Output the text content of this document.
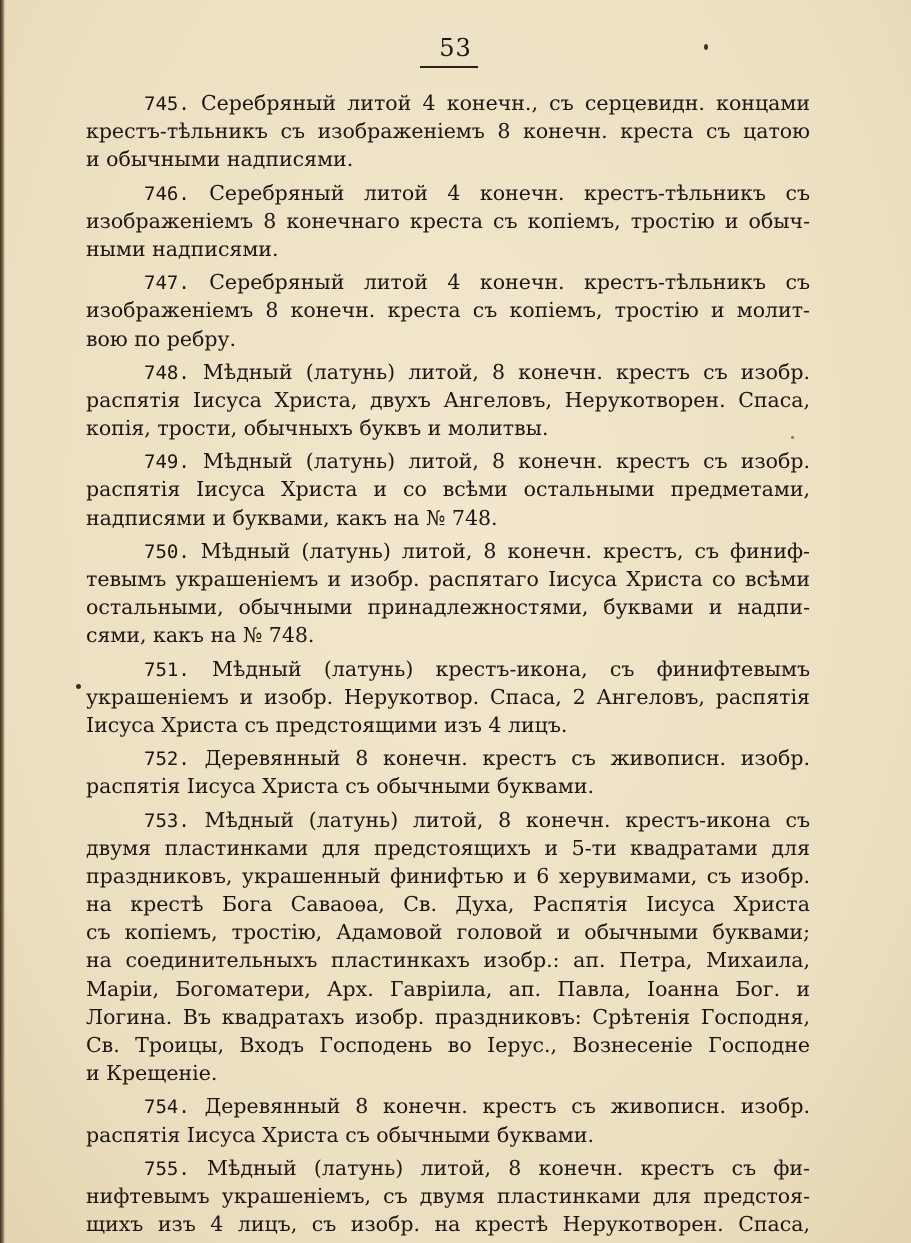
53
745. Серебряный литой 4 конечн., съ серцевидн. концами
крестъ-тѣльникъ съ изображеніемъ 8 конечн. креста съ цатою
и обычными надписями.
746. Серебряный литой 4 конечн. крестъ-тѣльникъ съ
изображеніемъ 8 конечнаго креста съ копіемъ, тростію и обыч-
ными надписями.
747. Серебряный литой 4 конечн. крестъ-тѣльникъ съ
изображеніемъ 8 конечн. креста съ копіемъ, тростію и молит-
вою по ребру.
748. Мѣдный (латунь) литой, 8 конечн. крестъ съ изобр.
распятія Іисуса Христа, двухъ Ангеловъ, Нерукотворен. Спаса,
копія, трости, обычныхъ буквъ и молитвы.
749. Мѣдный (латунь) литой, 8 конечн. крестъ съ изобр.
распятія Іисуса Христа и со всѣми остальными предметами,
надписями и буквами, какъ на № 748.
750. Мѣдный (латунь) литой, 8 конечн. крестъ, съ финиф-
тевымъ украшеніемъ и изобр. распятаго Іисуса Христа со всѣми
остальными, обычными принадлежностями, буквами и надпи-
сями, какъ на № 748.
751. Мѣдный (латунь) крестъ-икона, съ финифтевымъ
украшеніемъ и изобр. Нерукотвор. Спаса, 2 Ангеловъ, распятія
Іисуса Христа съ предстоящими изъ 4 лицъ.
752. Деревянный 8 конечн. крестъ съ живописн. изобр.
распятія Іисуса Христа съ обычными буквами.
753. Мѣдный (латунь) литой, 8 конечн. крестъ-икона съ
двумя пластинками для предстоящихъ и 5-ти квадратами для
праздниковъ, украшенный финифтью и 6 херувимами, съ изобр.
на крестѣ Бога Саваоѳа, Св. Духа, Распятія Іисуса Христа
съ копіемъ, тростію, Адамовой головой и обычными буквами;
на соединительныхъ пластинкахъ изобр.: ап. Петра, Михаила,
Маріи, Богоматери, Арх. Гавріила, ап. Павла, Іоанна Бог. и
Логина. Въ квадратахъ изобр. праздниковъ: Срѣтенія Господня,
Св. Троицы, Входъ Господень во Іерус., Вознесеніе Господне
и Крещеніе.
754. Деревянный 8 конечн. крестъ съ живописн. изобр.
распятія Іисуса Христа съ обычными буквами.
755. Мѣдный (латунь) литой, 8 конечн. крестъ съ фи-
нифтевымъ украшеніемъ, съ двумя пластинками для предстоя-
щихъ изъ 4 лицъ, съ изобр. на крестѣ Нерукотворен. Спаса,
